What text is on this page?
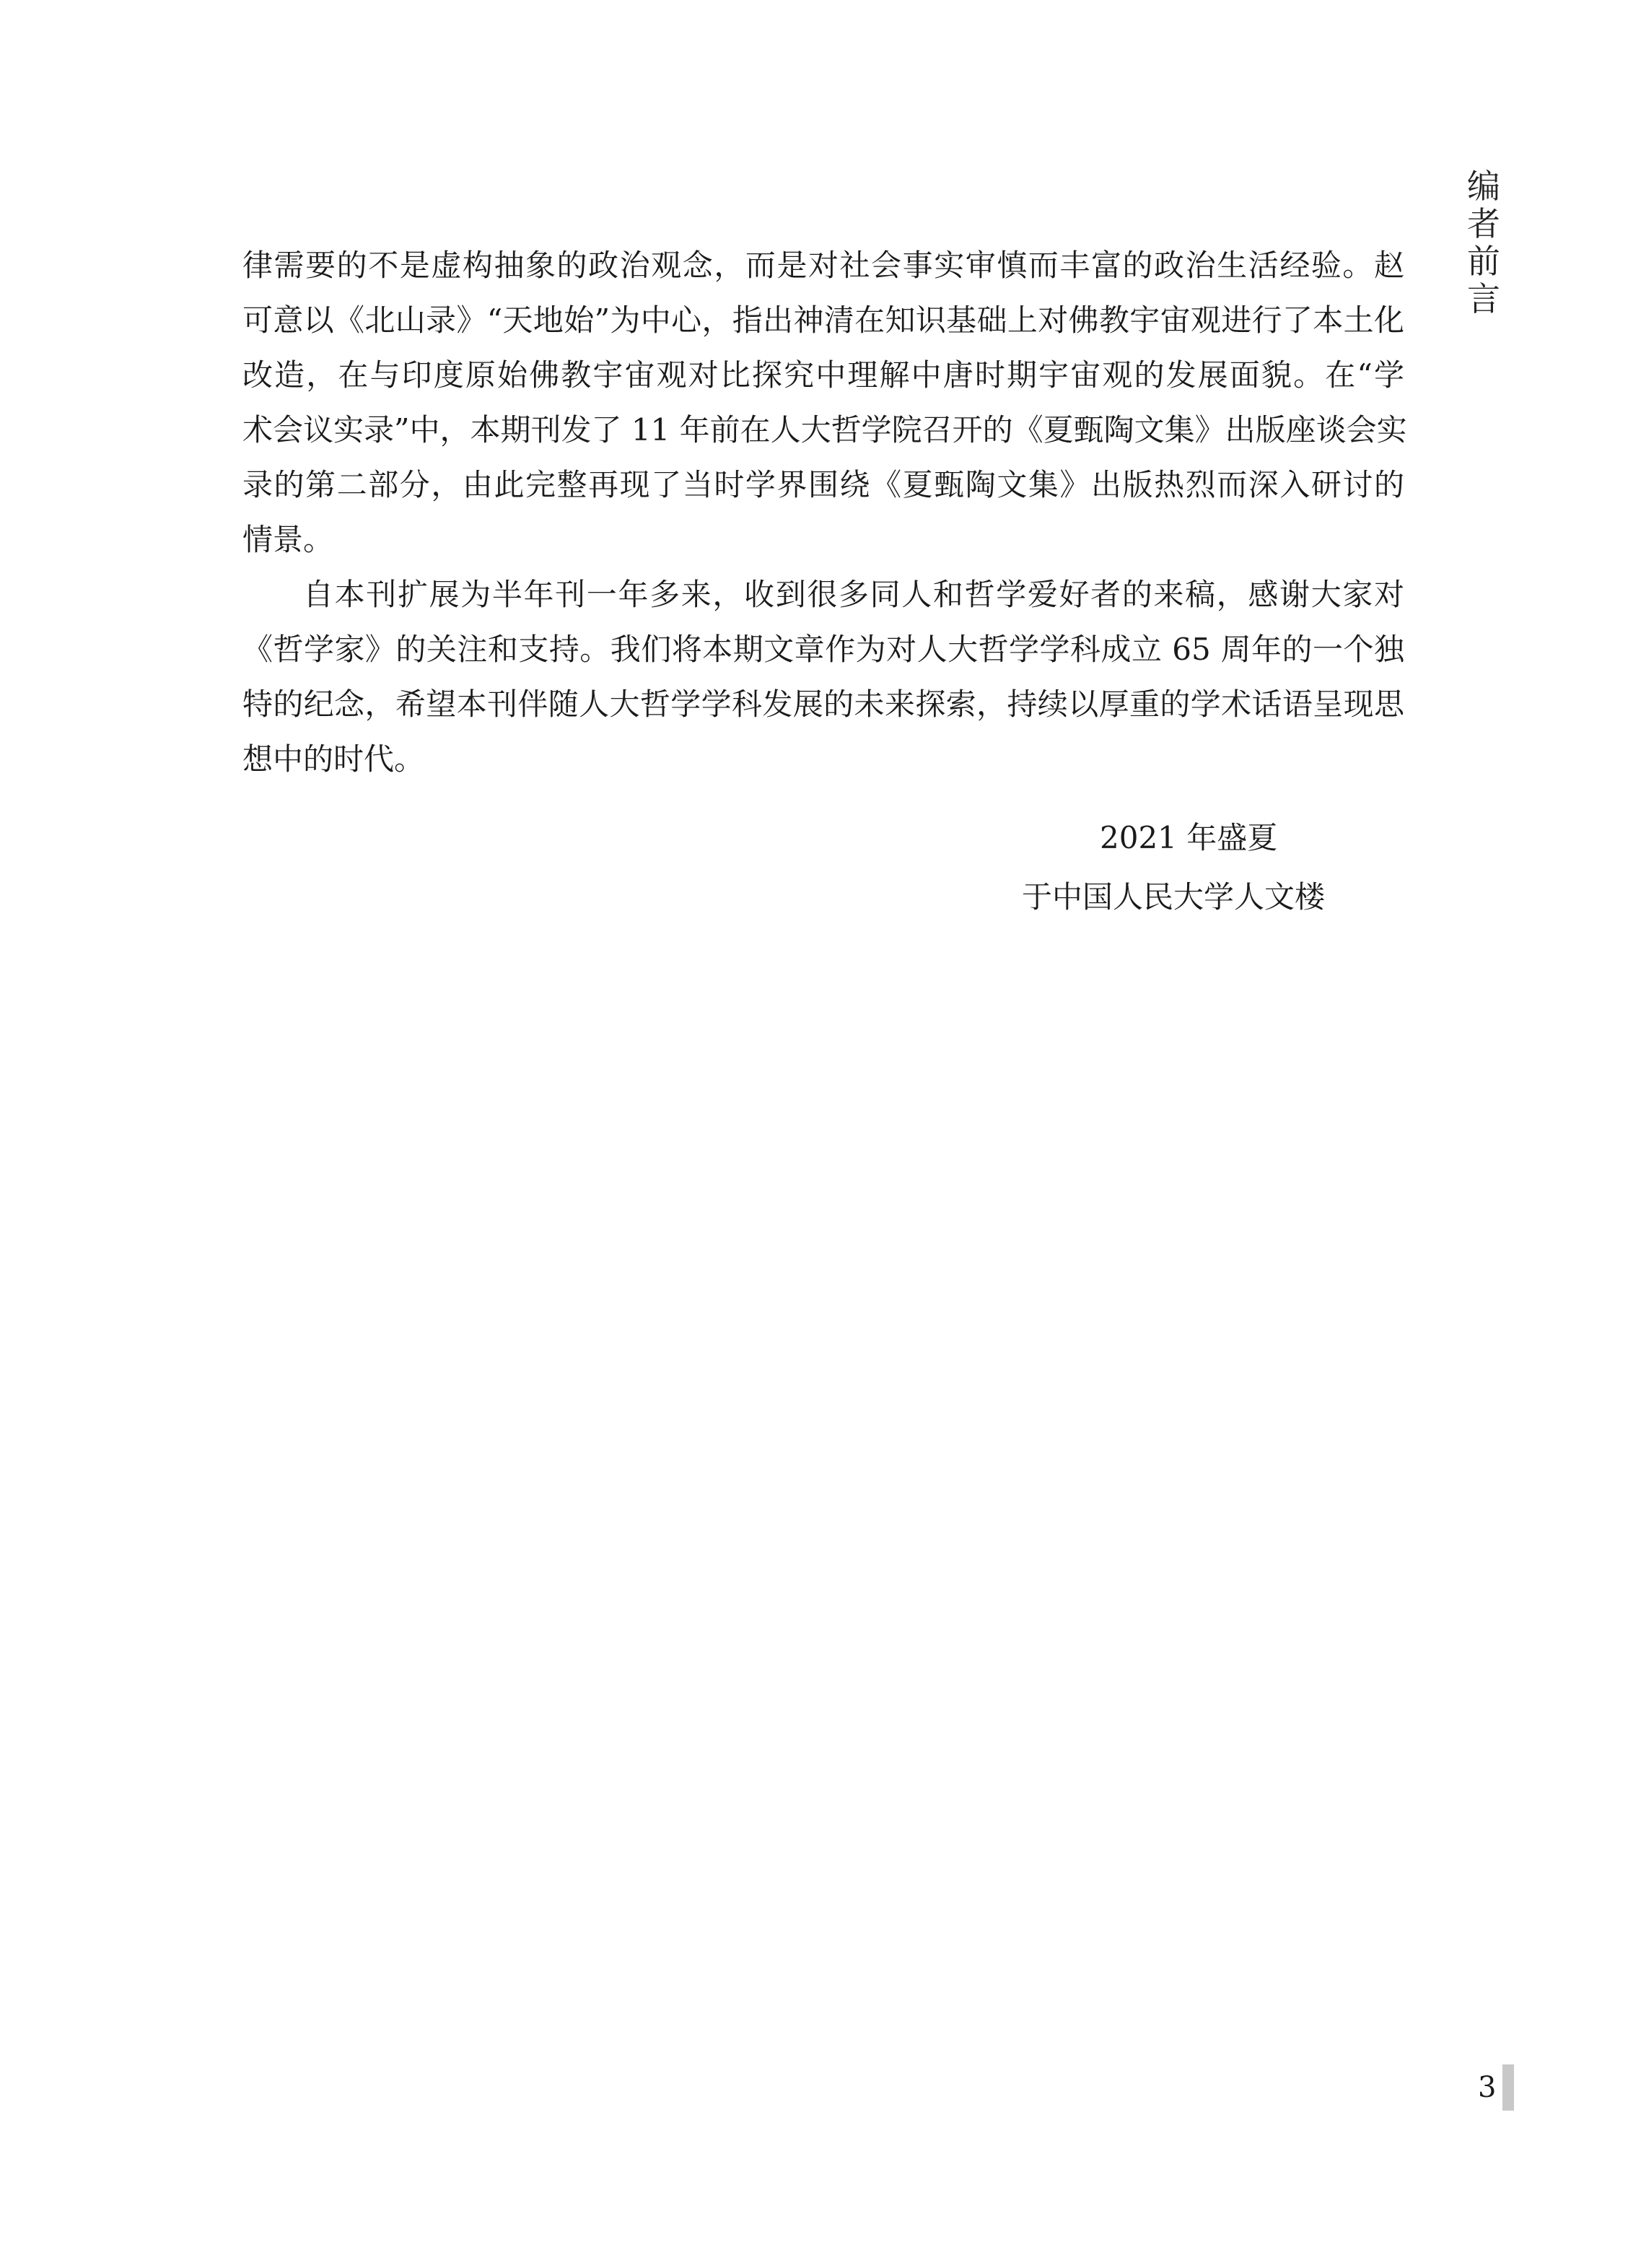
编
者
前
言
律需要的不是虚构抽象的政治观念，而是对社会事实审慎而丰富的政治生活经验。赵
可意以《北山录》“天地始”为中心，指出神清在知识基础上对佛教宇宙观进行了本土化
改造，在与印度原始佛教宇宙观对比探究中理解中唐时期宇宙观的发展面貌。在“学
术会议实录”中，本期刊发了 11 年前在人大哲学院召开的《夏甄陶文集》出版座谈会实
录的第二部分，由此完整再现了当时学界围绕《夏甄陶文集》出版热烈而深入研讨的
情景。
自本刊扩展为半年刊一年多来，收到很多同人和哲学爱好者的来稿，感谢大家对
《哲学家》的关注和支持。我们将本期文章作为对人大哲学学科成立 65 周年的一个独
特的纪念，希望本刊伴随人大哲学学科发展的未来探索，持续以厚重的学术话语呈现思
想中的时代。
2021 年盛夏
于中国人民大学人文楼
3
